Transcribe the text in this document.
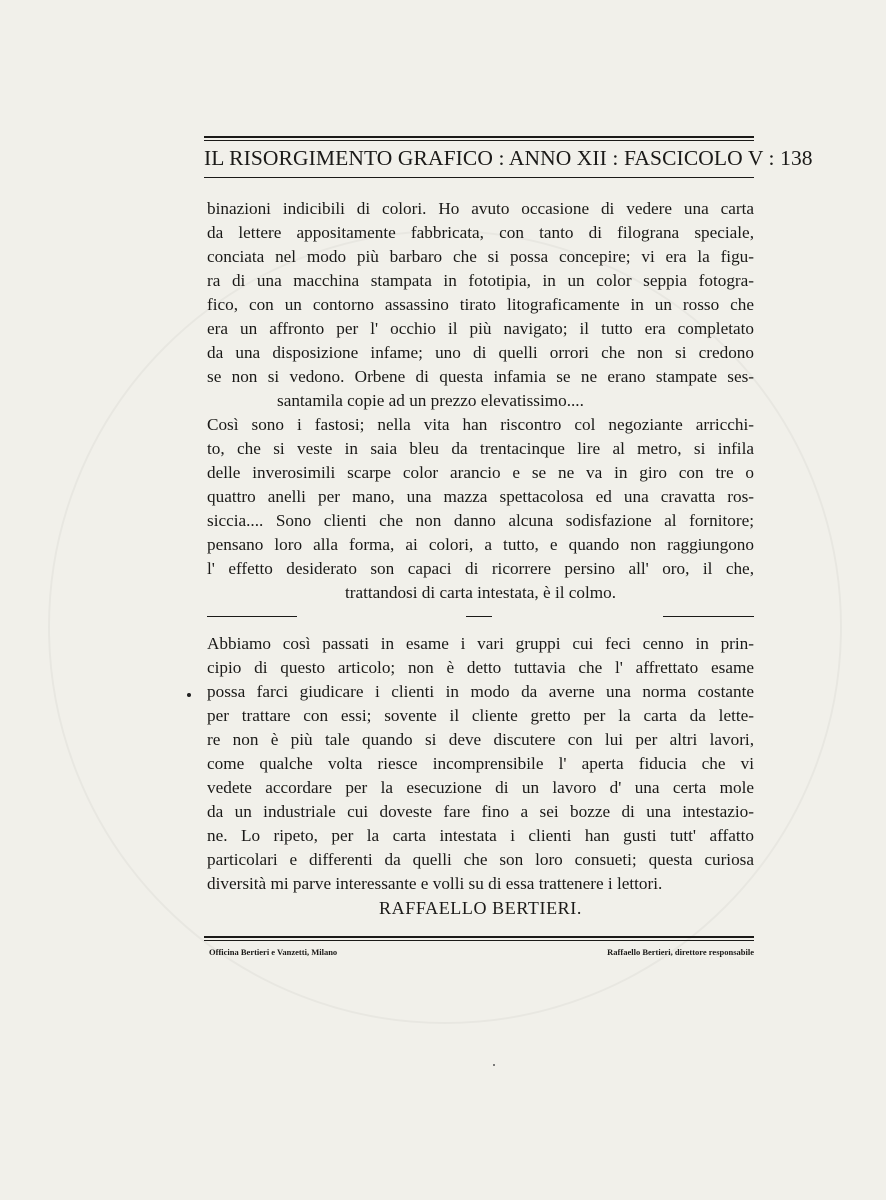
IL RISORGIMENTO GRAFICO : ANNO XII : FASCICOLO V : 138
binazioni indicibili di colori. Ho avuto occasione di vedere una carta
da lettere appositamente fabbricata, con tanto di filograna speciale,
conciata nel modo più barbaro che si possa concepire; vi era la figu-
ra di una macchina stampata in fototipia, in un color seppia fotogra-
fico, con un contorno assassino tirato litograficamente in un rosso che
era un affronto per l' occhio il più navigato; il tutto era completato
da una disposizione infame; uno di quelli orrori che non si credono
se non si vedono. Orbene di questa infamia se ne erano stampate ses-
santamila copie ad un prezzo elevatissimo....
Così sono i fastosi; nella vita han riscontro col negoziante arricchi-
to, che si veste in saia bleu da trentacinque lire al metro, si infila
delle inverosimili scarpe color arancio e se ne va in giro con tre o
quattro anelli per mano, una mazza spettacolosa ed una cravatta ros-
siccia.... Sono clienti che non danno alcuna sodisfazione al fornitore;
pensano loro alla forma, ai colori, a tutto, e quando non raggiungono
l' effetto desiderato son capaci di ricorrere persino all' oro, il che,
trattandosi di carta intestata, è il colmo.
Abbiamo così passati in esame i vari gruppi cui feci cenno in prin-
cipio di questo articolo; non è detto tuttavia che l' affrettato esame
possa farci giudicare i clienti in modo da averne una norma costante
per trattare con essi; sovente il cliente gretto per la carta da lette-
re non è più tale quando si deve discutere con lui per altri lavori,
come qualche volta riesce incomprensibile l' aperta fiducia che vi
vedete accordare per la esecuzione di un lavoro d' una certa mole
da un industriale cui doveste fare fino a sei bozze di una intestazio-
ne. Lo ripeto, per la carta intestata i clienti han gusti tutt' affatto
particolari e differenti da quelli che son loro consueti; questa curiosa
diversità mi parve interessante e volli su di essa trattenere i lettori.
RAFFAELLO BERTIERI.
Officina Bertieri e Vanzetti, Milano	Raffaello Bertieri, direttore responsabile
